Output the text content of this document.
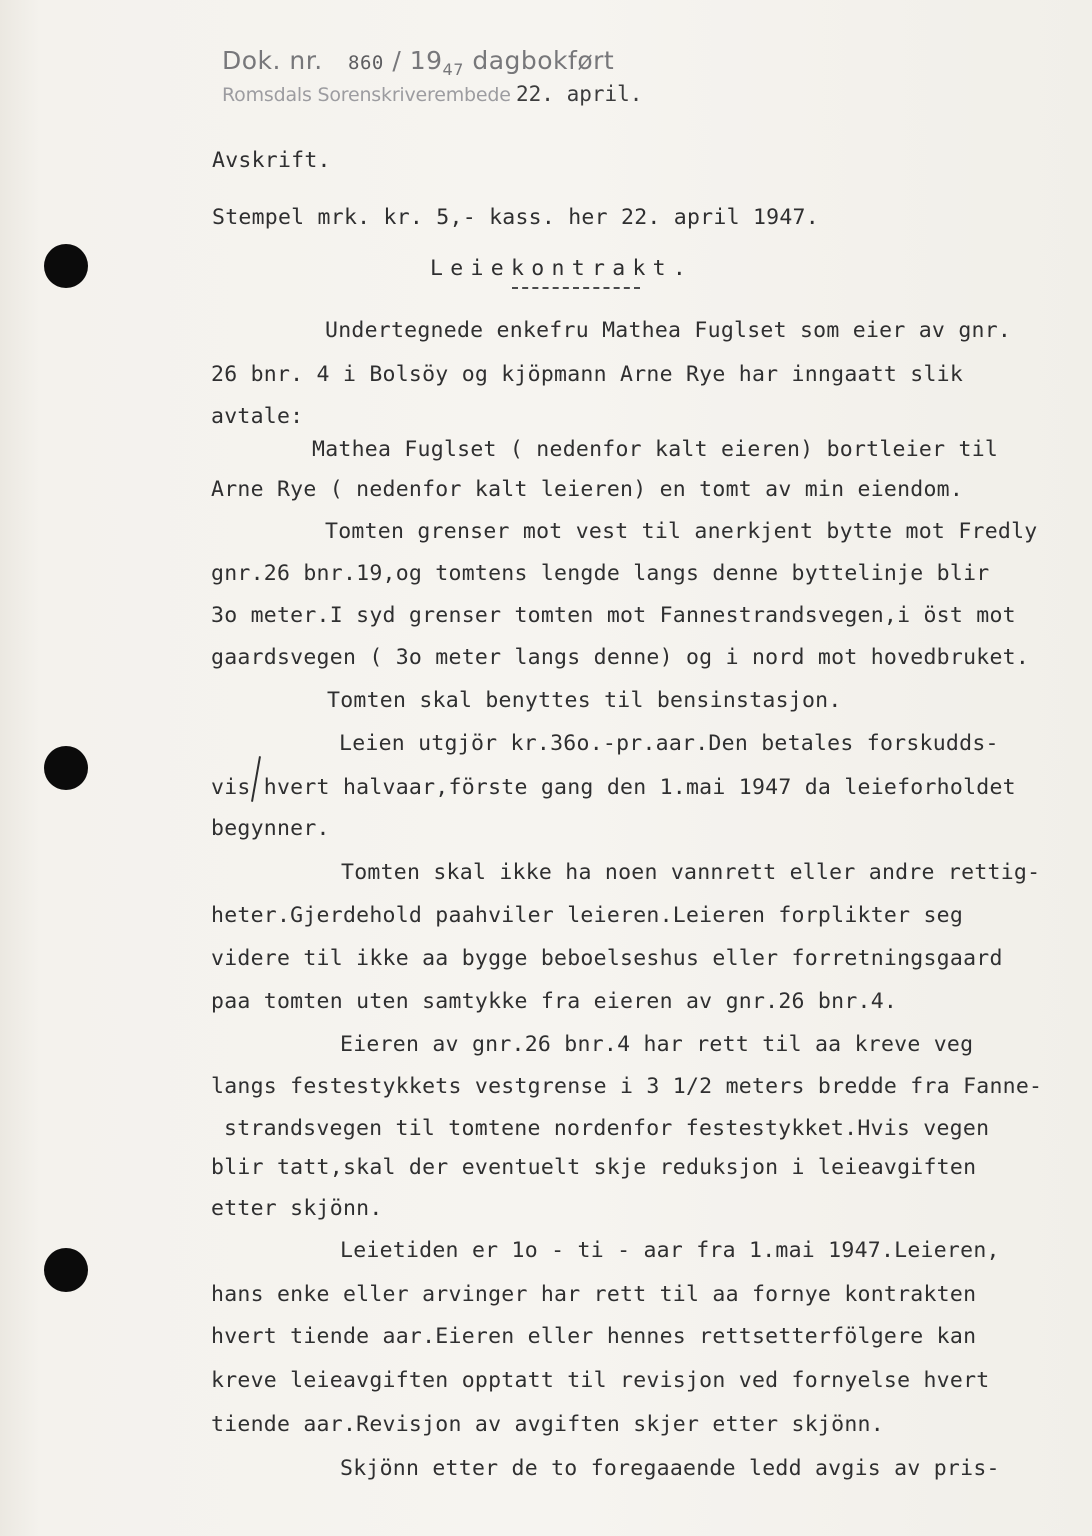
Dok. nr. $860 / 19_{47}$ dagbokført
Romsdals Sorenskriverembede 22. april.
Avskrift.
Stempel mrk. kr. 5,- kass. her 22. april 1947.
Leiekontrakt.
Undertegnede enkefru Mathea Fuglset som eier av gnr.
26 bnr. 4 i Bolsöy og kjöpmann Arne Rye har inngaatt slik
avtale:
Mathea Fuglset ( nedenfor kalt eieren) bortleier til
Arne Rye ( nedenfor kalt leieren) en tomt av min eiendom.
Tomten grenser mot vest til anerkjent bytte mot Fredly
gnr.26 bnr.19,og tomtens lengde langs denne byttelinje blir
3o meter.I syd grenser tomten mot Fannestrandsvegen,i öst mot
gaardsvegen ( 3o meter langs denne) og i nord mot hovedbruket.
Tomten skal benyttes til bensinstasjon.
Leien utgjör kr.36o.-pr.aar.Den betales forskudds-
vis hvert halvaar,förste gang den 1.mai 1947 da leieforholdet
begynner.
Tomten skal ikke ha noen vannrett eller andre rettig-
heter.Gjerdehold paahviler leieren.Leieren forplikter seg
videre til ikke aa bygge beboelseshus eller forretningsgaard
paa tomten uten samtykke fra eieren av gnr.26 bnr.4.
Eieren av gnr.26 bnr.4 har rett til aa kreve veg
langs festestykkets vestgrense i 3 1/2 meters bredde fra Fanne-
strandsvegen til tomtene nordenfor festestykket.Hvis vegen
blir tatt,skal der eventuelt skje reduksjon i leieavgiften
etter skjönn.
Leietiden er 1o - ti - aar fra 1.mai 1947.Leieren,
hans enke eller arvinger har rett til aa fornye kontrakten
hvert tiende aar.Eieren eller hennes rettsetterfölgere kan
kreve leieavgiften opptatt til revisjon ved fornyelse hvert
tiende aar.Revisjon av avgiften skjer etter skjönn.
Skjönn etter de to foregaaende ledd avgis av pris-
